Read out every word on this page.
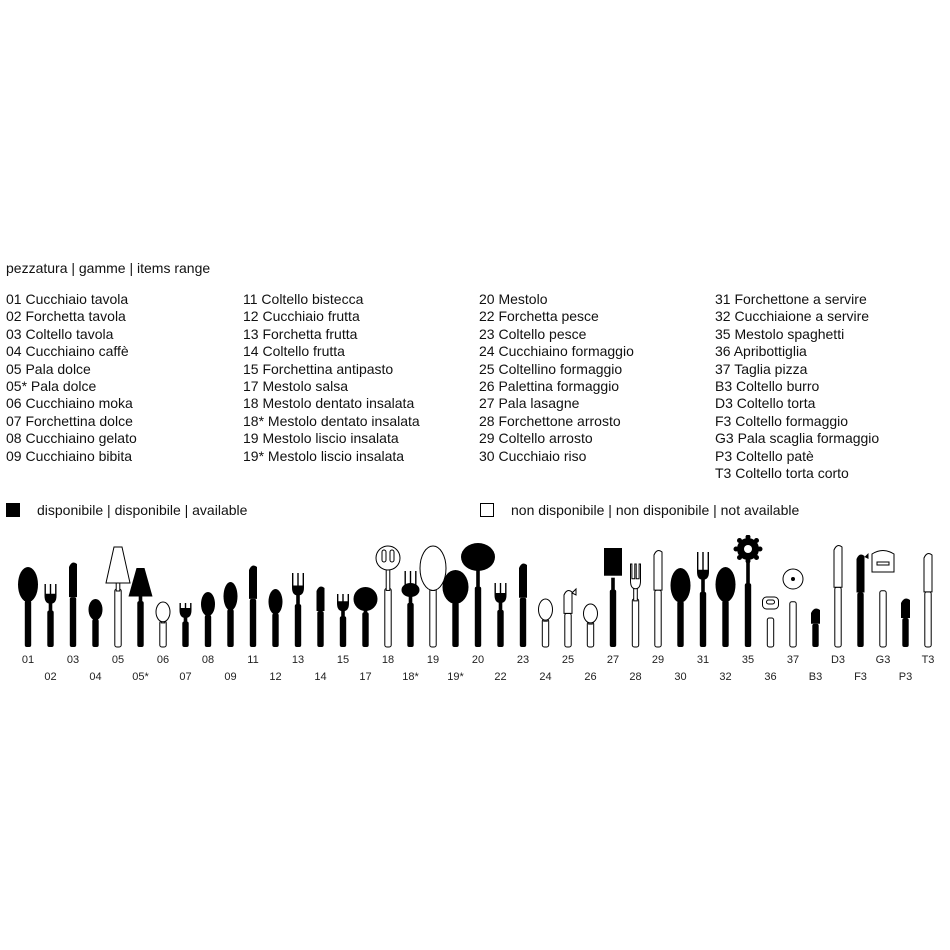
pezzatura | gamme | items range
01 Cucchiaio tavola
02 Forchetta tavola
03 Coltello tavola
04 Cucchiaino caffè
05 Pala dolce
05* Pala dolce
06 Cucchiaino moka
07 Forchettina dolce
08 Cucchiaino gelato
09 Cucchiaino bibita
11 Coltello bistecca
12 Cucchiaio frutta
13 Forchetta frutta
14 Coltello frutta
15 Forchettina antipasto
17 Mestolo salsa
18 Mestolo dentato insalata
18* Mestolo dentato insalata
19 Mestolo liscio insalata
19* Mestolo liscio insalata
20 Mestolo
22 Forchetta pesce
23 Coltello pesce
24 Cucchiaino formaggio
25 Coltellino formaggio
26 Palettina formaggio
27 Pala lasagne
28 Forchettone arrosto
29 Coltello arrosto
30 Cucchiaio riso
31 Forchettone a servire
32 Cucchiaione a servire
35 Mestolo spaghetti
36 Apribottiglia
37 Taglia pizza
B3 Coltello burro
D3 Coltello torta
F3 Coltello formaggio
G3 Pala scaglia formaggio
P3 Coltello patè
T3 Coltello torta corto
disponibile | disponibile | available	non disponibile | non disponibile | not available
01
02
03
04
05
05*
06
07
08
09
11
12
13
14
15
17
18
18*
19
19*
20
22
23
24
25
26
27
28
29
30
31
32
35
36
37
B3
D3
F3
G3
P3
T3
